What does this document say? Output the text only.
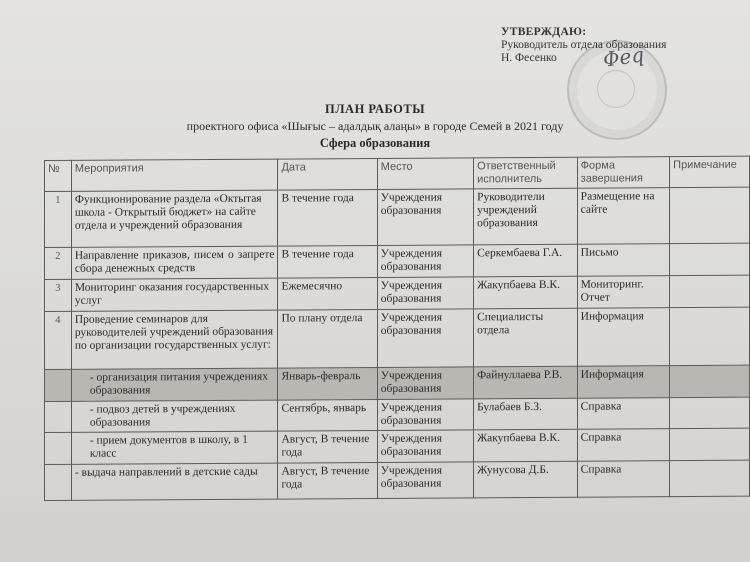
Φеq
УТВЕРЖДАЮ:
Руководитель отдела образования
Н. Фесенко
ПЛАН РАБОТЫ
проектного офиса «Шығыс – адалдық алаңы» в городе Семей в 2021 году
Сфера образования
№	Мероприятия	Дата	Место	Ответственный исполнитель	Форма завершения	Примечание
1	Функционирование раздела «Октытая школа - Открытый бюджет» на сайте отдела и учреждений образования	В течение года	Учреждения образования	Руководители учреждений образования	Размещение на сайте	
2	Направление приказов, писем о запрете сбора денежных средств	В течение года	Учреждения образования	Серкембаева Г.А.	Письмо	
3	Мониторинг оказания государственных услуг	Ежемесячно	Учреждения образования	Жакупбаева В.К.	Мониторинг. Отчет	
4	Проведение семинаров для руководителей учреждений образования по организации государственных услуг:	По плану отдела	Учреждения образования	Специалисты отдела	Информация	
	- организация питания учреждениях образования	Январь-февраль	Учреждения образования	Файнуллаева Р.В.	Информация	
	- подвоз детей в учреждениях образования	Сентябрь, январь	Учреждения образования	Булабаев Б.З.	Справка	
	- прием документов в школу, в 1 класс	Август, В течение года	Учреждения образования	Жакупбаева В.К.	Справка	
	- выдача направлений в детские сады	Август, В течение года	Учреждения образования	Жунусова Д.Б.	Справка	
